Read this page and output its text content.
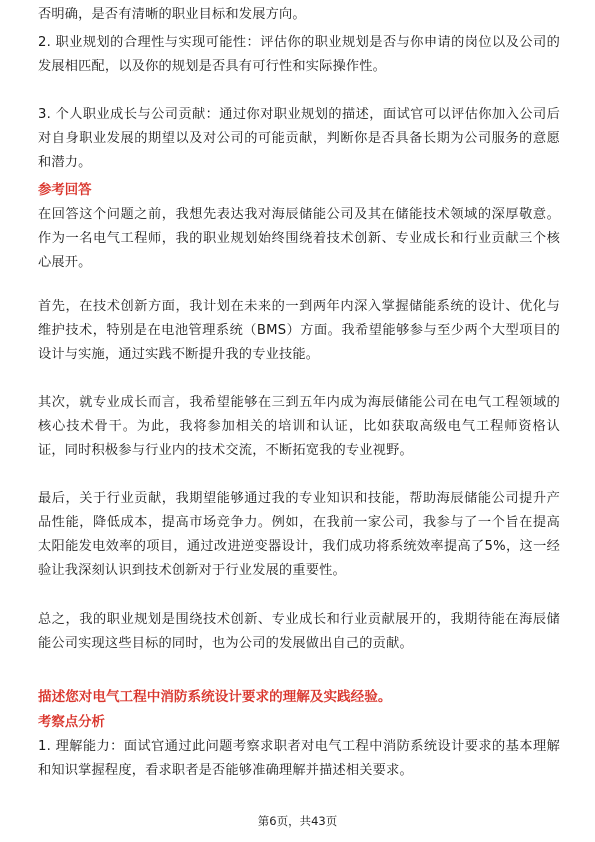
否明确，是否有清晰的职业目标和发展方向。

2. 职业规划的合理性与实现可能性：评估你的职业规划是否与你申请的岗位以及公司的发展相匹配，以及你的规划是否具有可行性和实际操作性。

3. 个人职业成长与公司贡献：通过你对职业规划的描述，面试官可以评估你加入公司后对自身职业发展的期望以及对公司的可能贡献，判断你是否具备长期为公司服务的意愿和潜力。

参考回答

在回答这个问题之前，我想先表达我对海辰储能公司及其在储能技术领域的深厚敬意。作为一名电气工程师，我的职业规划始终围绕着技术创新、专业成长和行业贡献三个核心展开。

首先，在技术创新方面，我计划在未来的一到两年内深入掌握储能系统的设计、优化与维护技术，特别是在电池管理系统（BMS）方面。我希望能够参与至少两个大型项目的设计与实施，通过实践不断提升我的专业技能。

其次，就专业成长而言，我希望能够在三到五年内成为海辰储能公司在电气工程领域的核心技术骨干。为此，我将参加相关的培训和认证，比如获取高级电气工程师资格认证，同时积极参与行业内的技术交流，不断拓宽我的专业视野。

最后，关于行业贡献，我期望能够通过我的专业知识和技能，帮助海辰储能公司提升产品性能，降低成本，提高市场竞争力。例如，在我前一家公司，我参与了一个旨在提高太阳能发电效率的项目，通过改进逆变器设计，我们成功将系统效率提高了5%，这一经验让我深刻认识到技术创新对于行业发展的重要性。

总之，我的职业规划是围绕技术创新、专业成长和行业贡献展开的，我期待能在海辰储能公司实现这些目标的同时，也为公司的发展做出自己的贡献。

描述您对电气工程中消防系统设计要求的理解及实践经验。

考察点分析

1. 理解能力：面试官通过此问题考察求职者对电气工程中消防系统设计要求的基本理解和知识掌握程度，看求职者是否能够准确理解并描述相关要求。

第6页，共43页
